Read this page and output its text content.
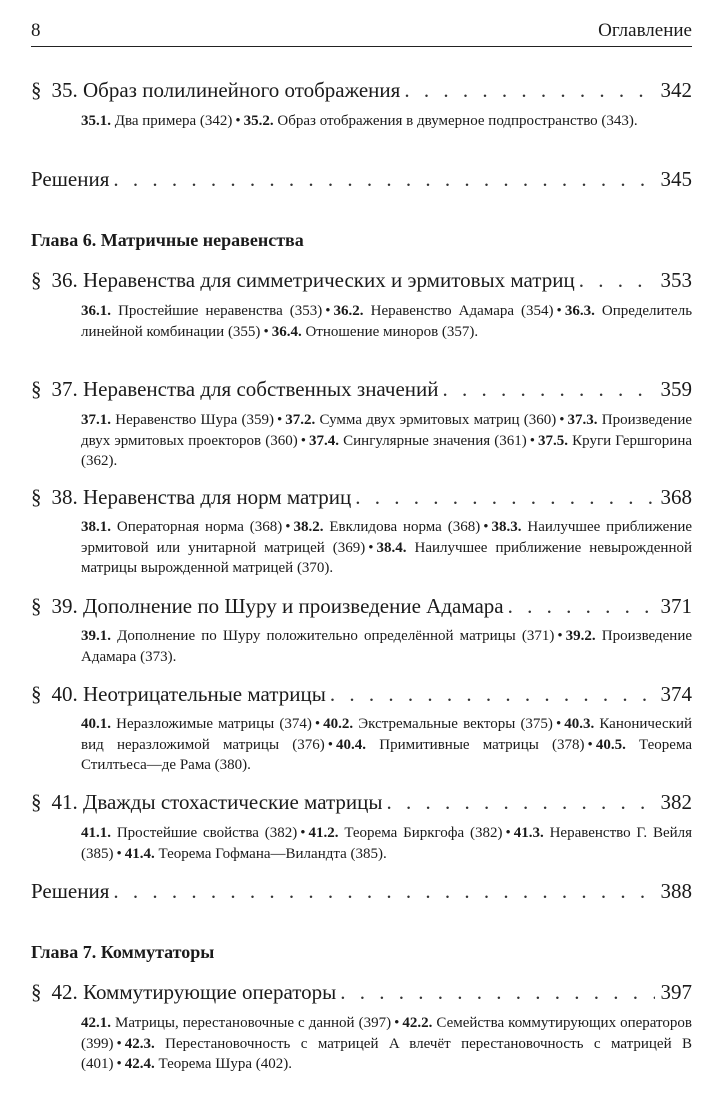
8	Оглавление
§ 35. Образ полилинейного отображения . . .	342
35.1. Два примера (342) • 35.2. Образ отображения в двумерное подпространство (343).
Решения . . .	345
Глава 6. Матричные неравенства
§ 36. Неравенства для симметрических и эрмитовых матриц . . .	353
36.1. Простейшие неравенства (353) • 36.2. Неравенство Адамара (354) • 36.3. Определитель линейной комбинации (355) • 36.4. Отношение миноров (357).
§ 37. Неравенства для собственных значений . . .	359
37.1. Неравенство Шура (359) • 37.2. Сумма двух эрмитовых матриц (360) • 37.3. Произведение двух эрмитовых проекторов (360) • 37.4. Сингулярные значения (361) • 37.5. Круги Гершгорина (362).
§ 38. Неравенства для норм матриц . . .	368
38.1. Операторная норма (368) • 38.2. Евклидова норма (368) • 38.3. Наилучшее приближение эрмитовой или унитарной матрицей (369) • 38.4. Наилучшее приближение невырожденной матрицы вырожденной матрицей (370).
§ 39. Дополнение по Шуру и произведение Адамара . . .	371
39.1. Дополнение по Шуру положительно определённой матрицы (371) • 39.2. Произведение Адамара (373).
§ 40. Неотрицательные матрицы . . .	374
40.1. Неразложимые матрицы (374) • 40.2. Экстремальные векторы (375) • 40.3. Канонический вид неразложимой матрицы (376) • 40.4. Примитивные матрицы (378) • 40.5. Теорема Стилтьеса—де Рама (380).
§ 41. Дважды стохастические матрицы . . .	382
41.1. Простейшие свойства (382) • 41.2. Теорема Биркгофа (382) • 41.3. Неравенство Г. Вейля (385) • 41.4. Теорема Гофмана—Виландта (385).
Решения . . .	388
Глава 7. Коммутаторы
§ 42. Коммутирующие операторы . . .	397
42.1. Матрицы, перестановочные с данной (397) • 42.2. Семейства коммутирующих операторов (399) • 42.3. Перестановочность с матрицей A влечёт перестановочность с матрицей B (401) • 42.4. Теорема Шура (402).
